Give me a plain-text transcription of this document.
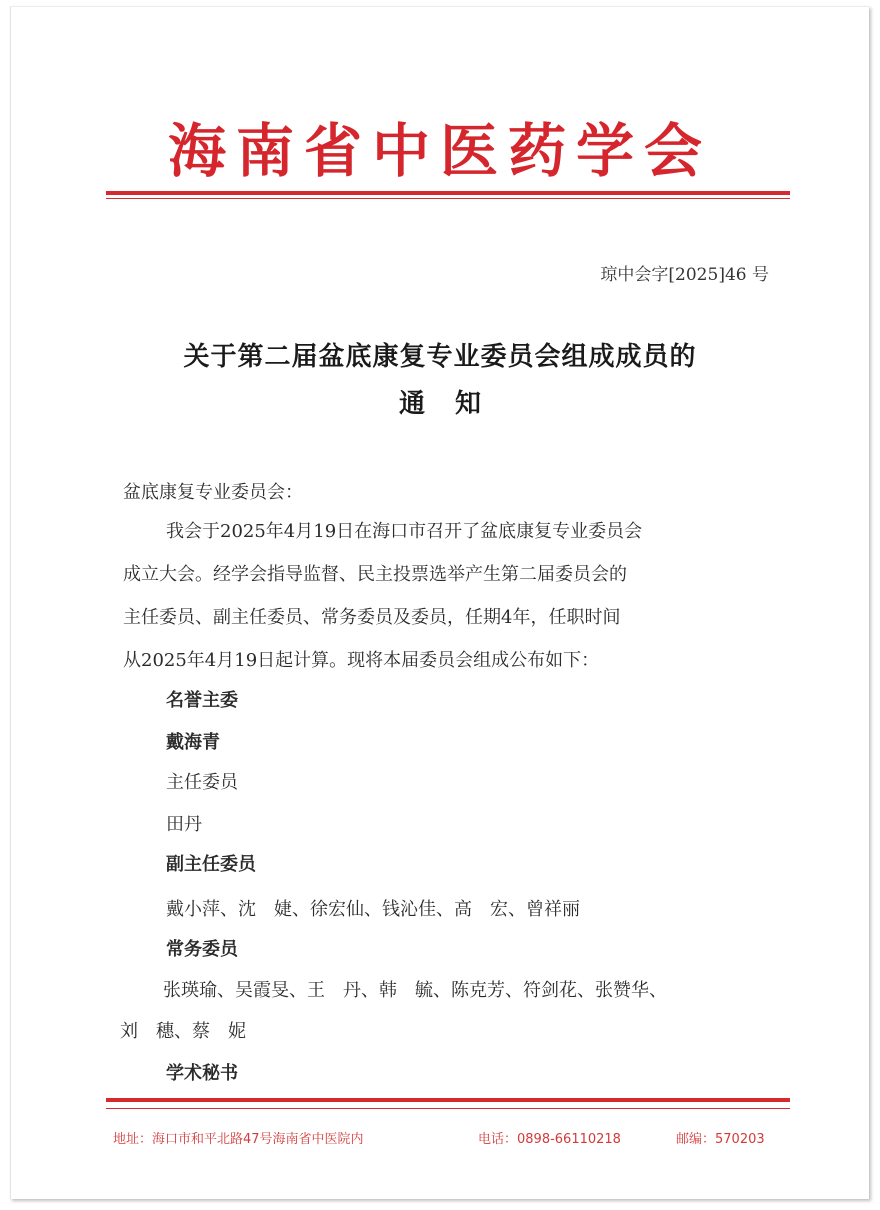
海南省中医药学会
琼中会字[2025]46 号
关于第二届盆底康复专业委员会组成成员的
通知
盆底康复专业委员会：
我会于2025年4月19日在海口市召开了盆底康复专业委员会
成立大会。经学会指导监督、民主投票选举产生第二届委员会的
主任委员、副主任委员、常务委员及委员，任期4年，任职时间
从2025年4月19日起计算。现将本届委员会组成公布如下：
名誉主委
戴海青
主任委员
田丹
副主任委员
戴小萍、沈　婕、徐宏仙、钱沁佳、高　宏、曾祥丽
常务委员
张瑛瑜、吴霞旻、王　丹、韩　毓、陈克芳、符剑花、张赞华、
刘　穗、蔡　妮
学术秘书
地址：海口市和平北路47号海南省中医院内	电话：0898-66110218	邮编：570203
